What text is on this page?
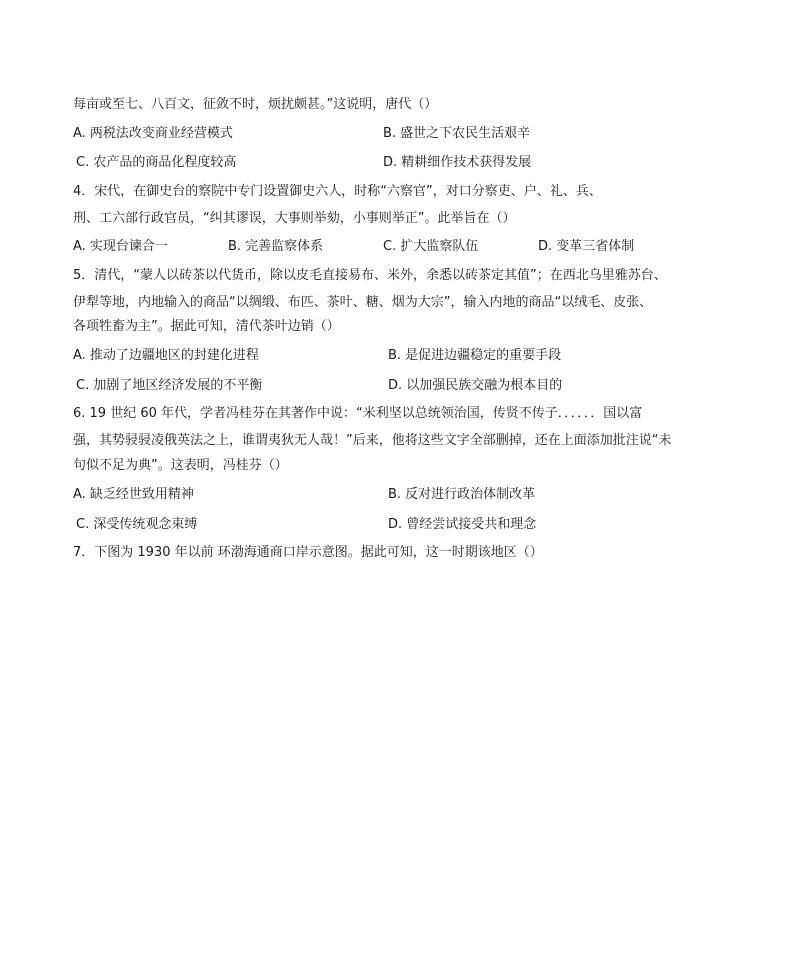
每亩或至七、八百文，征敛不时，烦扰颇甚。”这说明，唐代（）
A. 两税法改变商业经营模式	B. 盛世之下农民生活艰辛
C. 农产品的商品化程度较高	D. 精耕细作技术获得发展
4．宋代，在御史台的察院中专门设置御史六人，时称“六察官”，对口分察吏、户、礼、兵、
刑、工六部行政官员，“纠其谬误，大事则举劾，小事则举正”。此举旨在（）
A. 实现台谏合一	B. 完善监察体系	C. 扩大监察队伍	D. 变革三省体制
5．清代，“蒙人以砖茶以代货币，除以皮毛直接易布、米外，余悉以砖茶定其值”；在西北乌里雅苏台、
伊犁等地，内地输入的商品“以绸缎、布匹、茶叶、糖、烟为大宗”，输入内地的商品“以绒毛、皮张、
各项牲畜为主”。据此可知，清代茶叶边销（）
A. 推动了边疆地区的封建化进程	B. 是促进边疆稳定的重要手段
C. 加剧了地区经济发展的不平衡	D. 以加强民族交融为根本目的
6. 19 世纪 60 年代，学者冯桂芬在其著作中说：“米利坚以总统领治国，传贤不传子．．．．．．国以富
强，其势骎骎凌俄英法之上，谁谓夷狄无人哉！”后来，他将这些文字全部删掉，还在上面添加批注说“未
句似不足为典”。这表明，冯桂芬（）
A. 缺乏经世致用精神	B. 反对进行政治体制改革
C. 深受传统观念束缚	D. 曾经尝试接受共和理念
7．下图为 1930 年以前 环渤海通商口岸示意图。据此可知，这一时期该地区（）
